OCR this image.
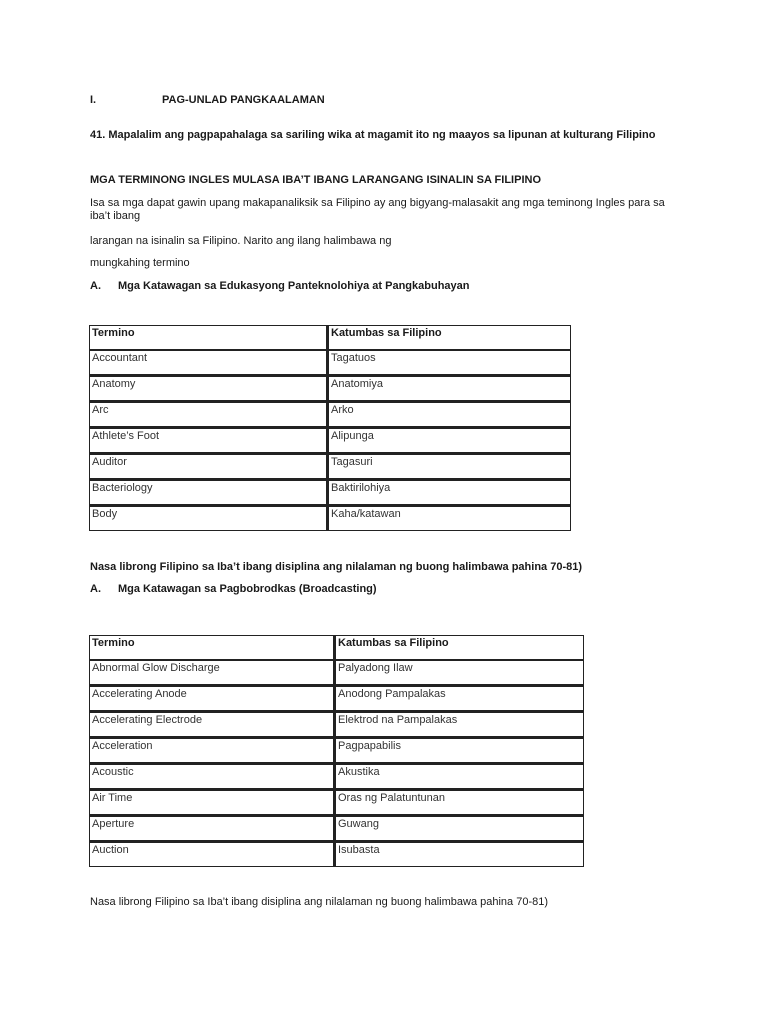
I.	PAG-UNLAD PANGKAALAMAN
41. Mapalalim ang pagpapahalaga sa sariling wika at magamit ito ng maayos sa lipunan at kulturang Filipino
MGA TERMINONG INGLES MULASA IBA’T IBANG LARANGANG ISINALIN SA FILIPINO
Isa sa mga dapat gawin upang makapanaliksik sa Filipino ay ang bigyang-malasakit ang mga teminong Ingles para sa iba’t ibang
larangan na isinalin sa Filipino. Narito ang ilang halimbawa ng
mungkahing termino
A. Mga Katawagan sa Edukasyong Panteknolohiya at Pangkabuhayan
Termino	Katumbas sa Filipino
Accountant	Tagatuos
Anatomy	Anatomiya
Arc	Arko
Athlete’s Foot	Alipunga
Auditor	Tagasuri
Bacteriology	Baktirilohiya
Body	Kaha/katawan
Nasa librong Filipino sa Iba’t ibang disiplina ang nilalaman ng buong halimbawa pahina 70-81)
A. Mga Katawagan sa Pagbobrodkas (Broadcasting)
Termino	Katumbas sa Filipino
Abnormal Glow Discharge	Palyadong Ilaw
Accelerating Anode	Anodong Pampalakas
Accelerating Electrode	Elektrod na Pampalakas
Acceleration	Pagpapabilis
Acoustic	Akustika
Air Time	Oras ng Palatuntunan
Aperture	Guwang
Auction	Isubasta
Nasa librong Filipino sa Iba’t ibang disiplina ang nilalaman ng buong halimbawa pahina 70-81)
